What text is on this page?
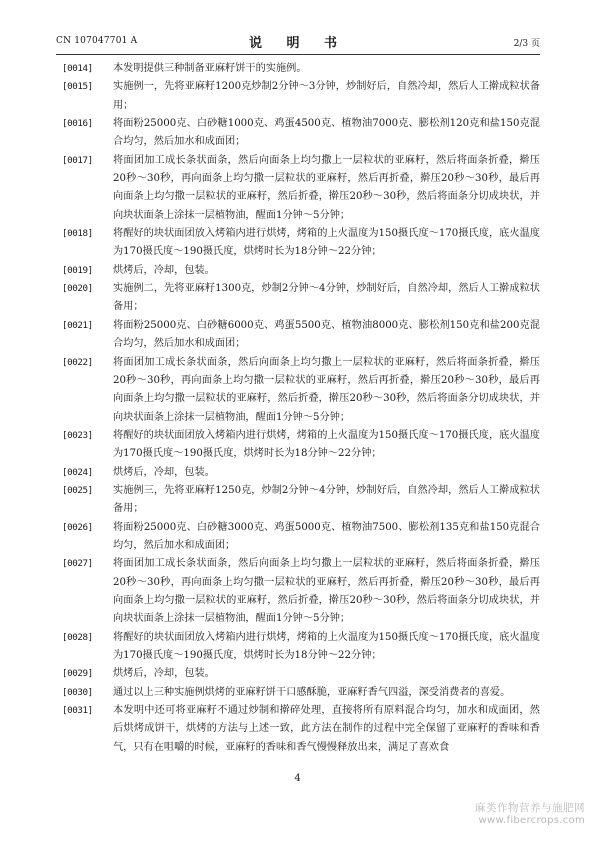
CN 107047701 A	说 明 书	2/3 页
[0014] 本发明提供三种制备亚麻籽饼干的实施例。
[0015] 实施例一，先将亚麻籽1200克炒制2分钟～3分钟，炒制好后，自然冷却，然后人工擀成粒状备用；
[0016] 将面粉25000克、白砂糖1000克、鸡蛋4500克、植物油7000克、膨松剂120克和盐150克混合均匀，然后加水和成面团；
[0017] 将面团加工成长条状面条，然后向面条上均匀撒上一层粒状的亚麻籽，然后将面条折叠，擀压20秒～30秒，再向面条上均匀撒一层粒状的亚麻籽，然后再折叠，擀压20秒～30秒，最后再向面条上均匀撒一层粒状的亚麻籽，然后折叠，擀压20秒～30秒，然后将面条分切成块状，并向块状面条上涂抹一层植物油，醒面1分钟～5分钟；
[0018] 将醒好的块状面团放入烤箱内进行烘烤，烤箱的上火温度为150摄氏度～170摄氏度，底火温度为170摄氏度～190摄氏度，烘烤时长为18分钟～22分钟；
[0019] 烘烤后，冷却，包装。
[0020] 实施例二，先将亚麻籽1300克，炒制2分钟～4分钟，炒制好后，自然冷却，然后人工擀成粒状备用；
[0021] 将面粉25000克、白砂糖6000克、鸡蛋5500克、植物油8000克、膨松剂150克和盐200克混合均匀，然后加水和成面团；
[0022] 将面团加工成长条状面条，然后向面条上均匀撒上一层粒状的亚麻籽，然后将面条折叠，擀压20秒～30秒，再向面条上均匀撒一层粒状的亚麻籽，然后再折叠，擀压20秒～30秒，最后再向面条上均匀撒一层粒状的亚麻籽，然后折叠，擀压20秒～30秒，然后将面条分切成块状，并向块状面条上涂抹一层植物油，醒面1分钟～5分钟；
[0023] 将醒好的块状面团放入烤箱内进行烘烤，烤箱的上火温度为150摄氏度～170摄氏度，底火温度为170摄氏度～190摄氏度，烘烤时长为18分钟～22分钟；
[0024] 烘烤后，冷却，包装。
[0025] 实施例三，先将亚麻籽1250克，炒制2分钟～4分钟，炒制好后，自然冷却，然后人工擀成粒状备用；
[0026] 将面粉25000克、白砂糖3000克、鸡蛋5000克、植物油7500、膨松剂135克和盐150克混合均匀，然后加水和成面团；
[0027] 将面团加工成长条状面条，然后向面条上均匀撒上一层粒状的亚麻籽，然后将面条折叠，擀压20秒～30秒，再向面条上均匀撒一层粒状的亚麻籽，然后再折叠，擀压20秒～30秒，最后再向面条上均匀撒一层粒状的亚麻籽，然后折叠，擀压20秒～30秒，然后将面条分切成块状，并向块状面条上涂抹一层植物油，醒面1分钟～5分钟；
[0028] 将醒好的块状面团放入烤箱内进行烘烤，烤箱的上火温度为150摄氏度～170摄氏度，底火温度为170摄氏度～190摄氏度，烘烤时长为18分钟～22分钟；
[0029] 烘烤后，冷却，包装。
[0030] 通过以上三种实施例烘烤的亚麻籽饼干口感酥脆，亚麻籽香气四溢，深受消费者的喜爱。
[0031] 本发明中还可将亚麻籽不通过炒制和擀碎处理，直接将所有原料混合均匀，加水和成面团，然后烘烤成饼干，烘烤的方法与上述一致，此方法在制作的过程中完全保留了亚麻籽的香味和香气，只有在咀嚼的时候，亚麻籽的香味和香气慢慢释放出来，满足了喜欢食
4
麻类作物营养与施肥网
www.fibercrops.com
